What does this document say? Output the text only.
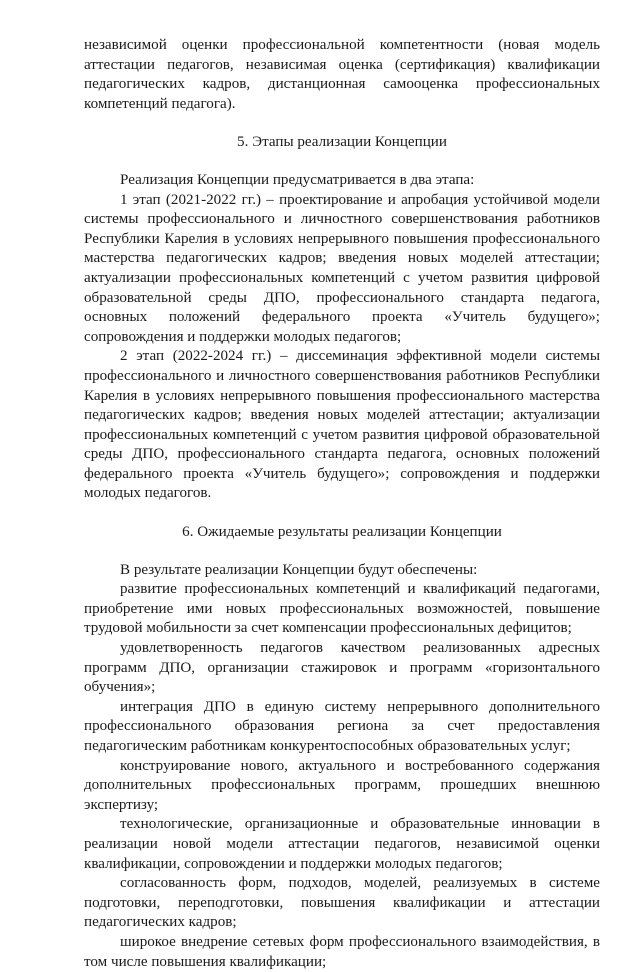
независимой оценки профессиональной компетентности (новая модель аттестации педагогов, независимая оценка (сертификация) квалификации педагогических кадров, дистанционная самооценка профессиональных компетенций педагога).

5. Этапы реализации Концепции

Реализация Концепции предусматривается в два этапа:

1 этап (2021-2022 гг.) – проектирование и апробация устойчивой модели системы профессионального и личностного совершенствования работников Республики Карелия в условиях непрерывного повышения профессионального мастерства педагогических кадров; введения новых моделей аттестации; актуализации профессиональных компетенций с учетом развития цифровой образовательной среды ДПО, профессионального стандарта педагога, основных положений федерального проекта «Учитель будущего»; сопровождения и поддержки молодых педагогов;

2 этап (2022-2024 гг.) – диссеминация эффективной модели системы профессионального и личностного совершенствования работников Республики Карелия в условиях непрерывного повышения профессионального мастерства педагогических кадров; введения новых моделей аттестации; актуализации профессиональных компетенций с учетом развития цифровой образовательной среды ДПО, профессионального стандарта педагога, основных положений федерального проекта «Учитель будущего»; сопровождения и поддержки молодых педагогов.

6. Ожидаемые результаты реализации Концепции

В результате реализации Концепции будут обеспечены:

развитие профессиональных компетенций и квалификаций педагогами, приобретение ими новых профессиональных возможностей, повышение трудовой мобильности за счет компенсации профессиональных дефицитов;

удовлетворенность педагогов качеством реализованных адресных программ ДПО, организации стажировок и программ «горизонтального обучения»;

интеграция ДПО в единую систему непрерывного дополнительного профессионального образования региона за счет предоставления педагогическим работникам конкурентоспособных образовательных услуг;

конструирование нового, актуального и востребованного содержания дополнительных профессиональных программ, прошедших внешнюю экспертизу;

технологические, организационные и образовательные инновации в реализации новой модели аттестации педагогов, независимой оценки квалификации, сопровождении и поддержки молодых педагогов;

согласованность форм, подходов, моделей, реализуемых в системе подготовки, переподготовки, повышения квалификации и аттестации педагогических кадров;

широкое внедрение сетевых форм профессионального взаимодействия, в том числе повышения квалификации;
